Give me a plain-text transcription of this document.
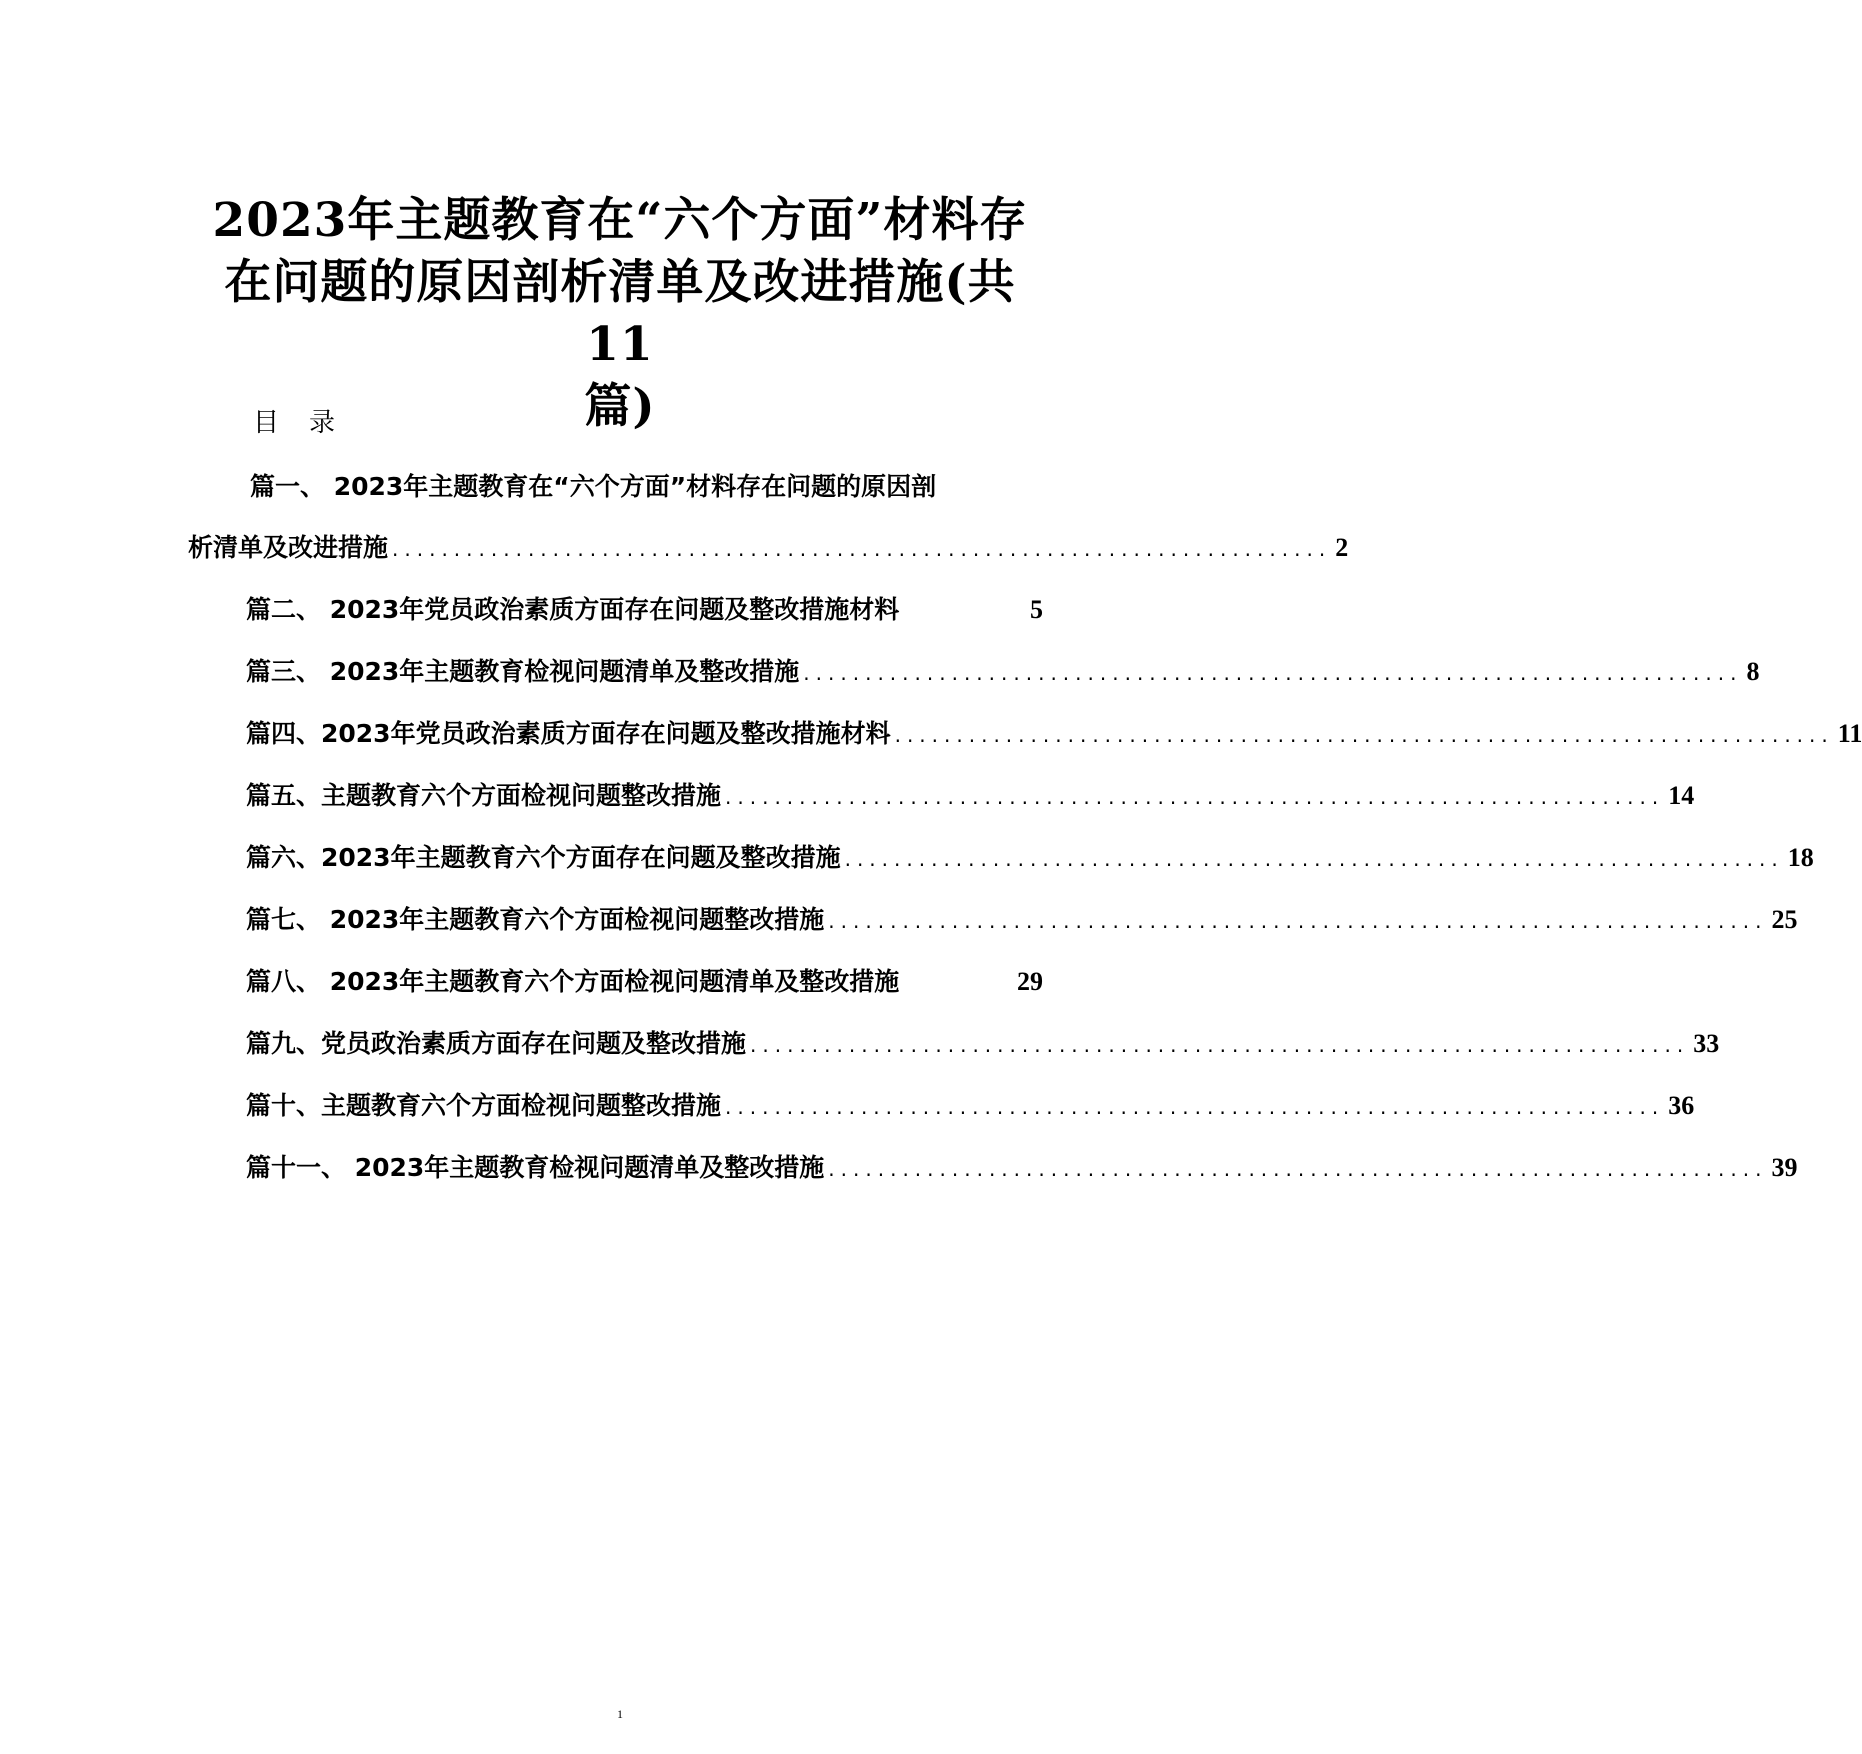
2023年主题教育在“六个方面”材料存
在问题的原因剖析清单及改进措施(共11
篇)
目录
篇一、 2023年主题教育在“六个方面”材料存在问题的原因剖
析清单及改进措施 ............................................................................ 2
篇二、 2023年党员政治素质方面存在问题及整改措施材料	5
篇三、 2023年主题教育检视问题清单及整改措施 ............................................................................ 8
篇四、2023年党员政治素质方面存在问题及整改措施材料 ............................................................................ 11
篇五、主题教育六个方面检视问题整改措施 ............................................................................ 14
篇六、2023年主题教育六个方面存在问题及整改措施 ............................................................................ 18
篇七、 2023年主题教育六个方面检视问题整改措施 ............................................................................ 25
篇八、 2023年主题教育六个方面检视问题清单及整改措施	29
篇九、党员政治素质方面存在问题及整改措施 ............................................................................ 33
篇十、主题教育六个方面检视问题整改措施 ............................................................................ 36
篇十一、 2023年主题教育检视问题清单及整改措施 ............................................................................ 39
1
